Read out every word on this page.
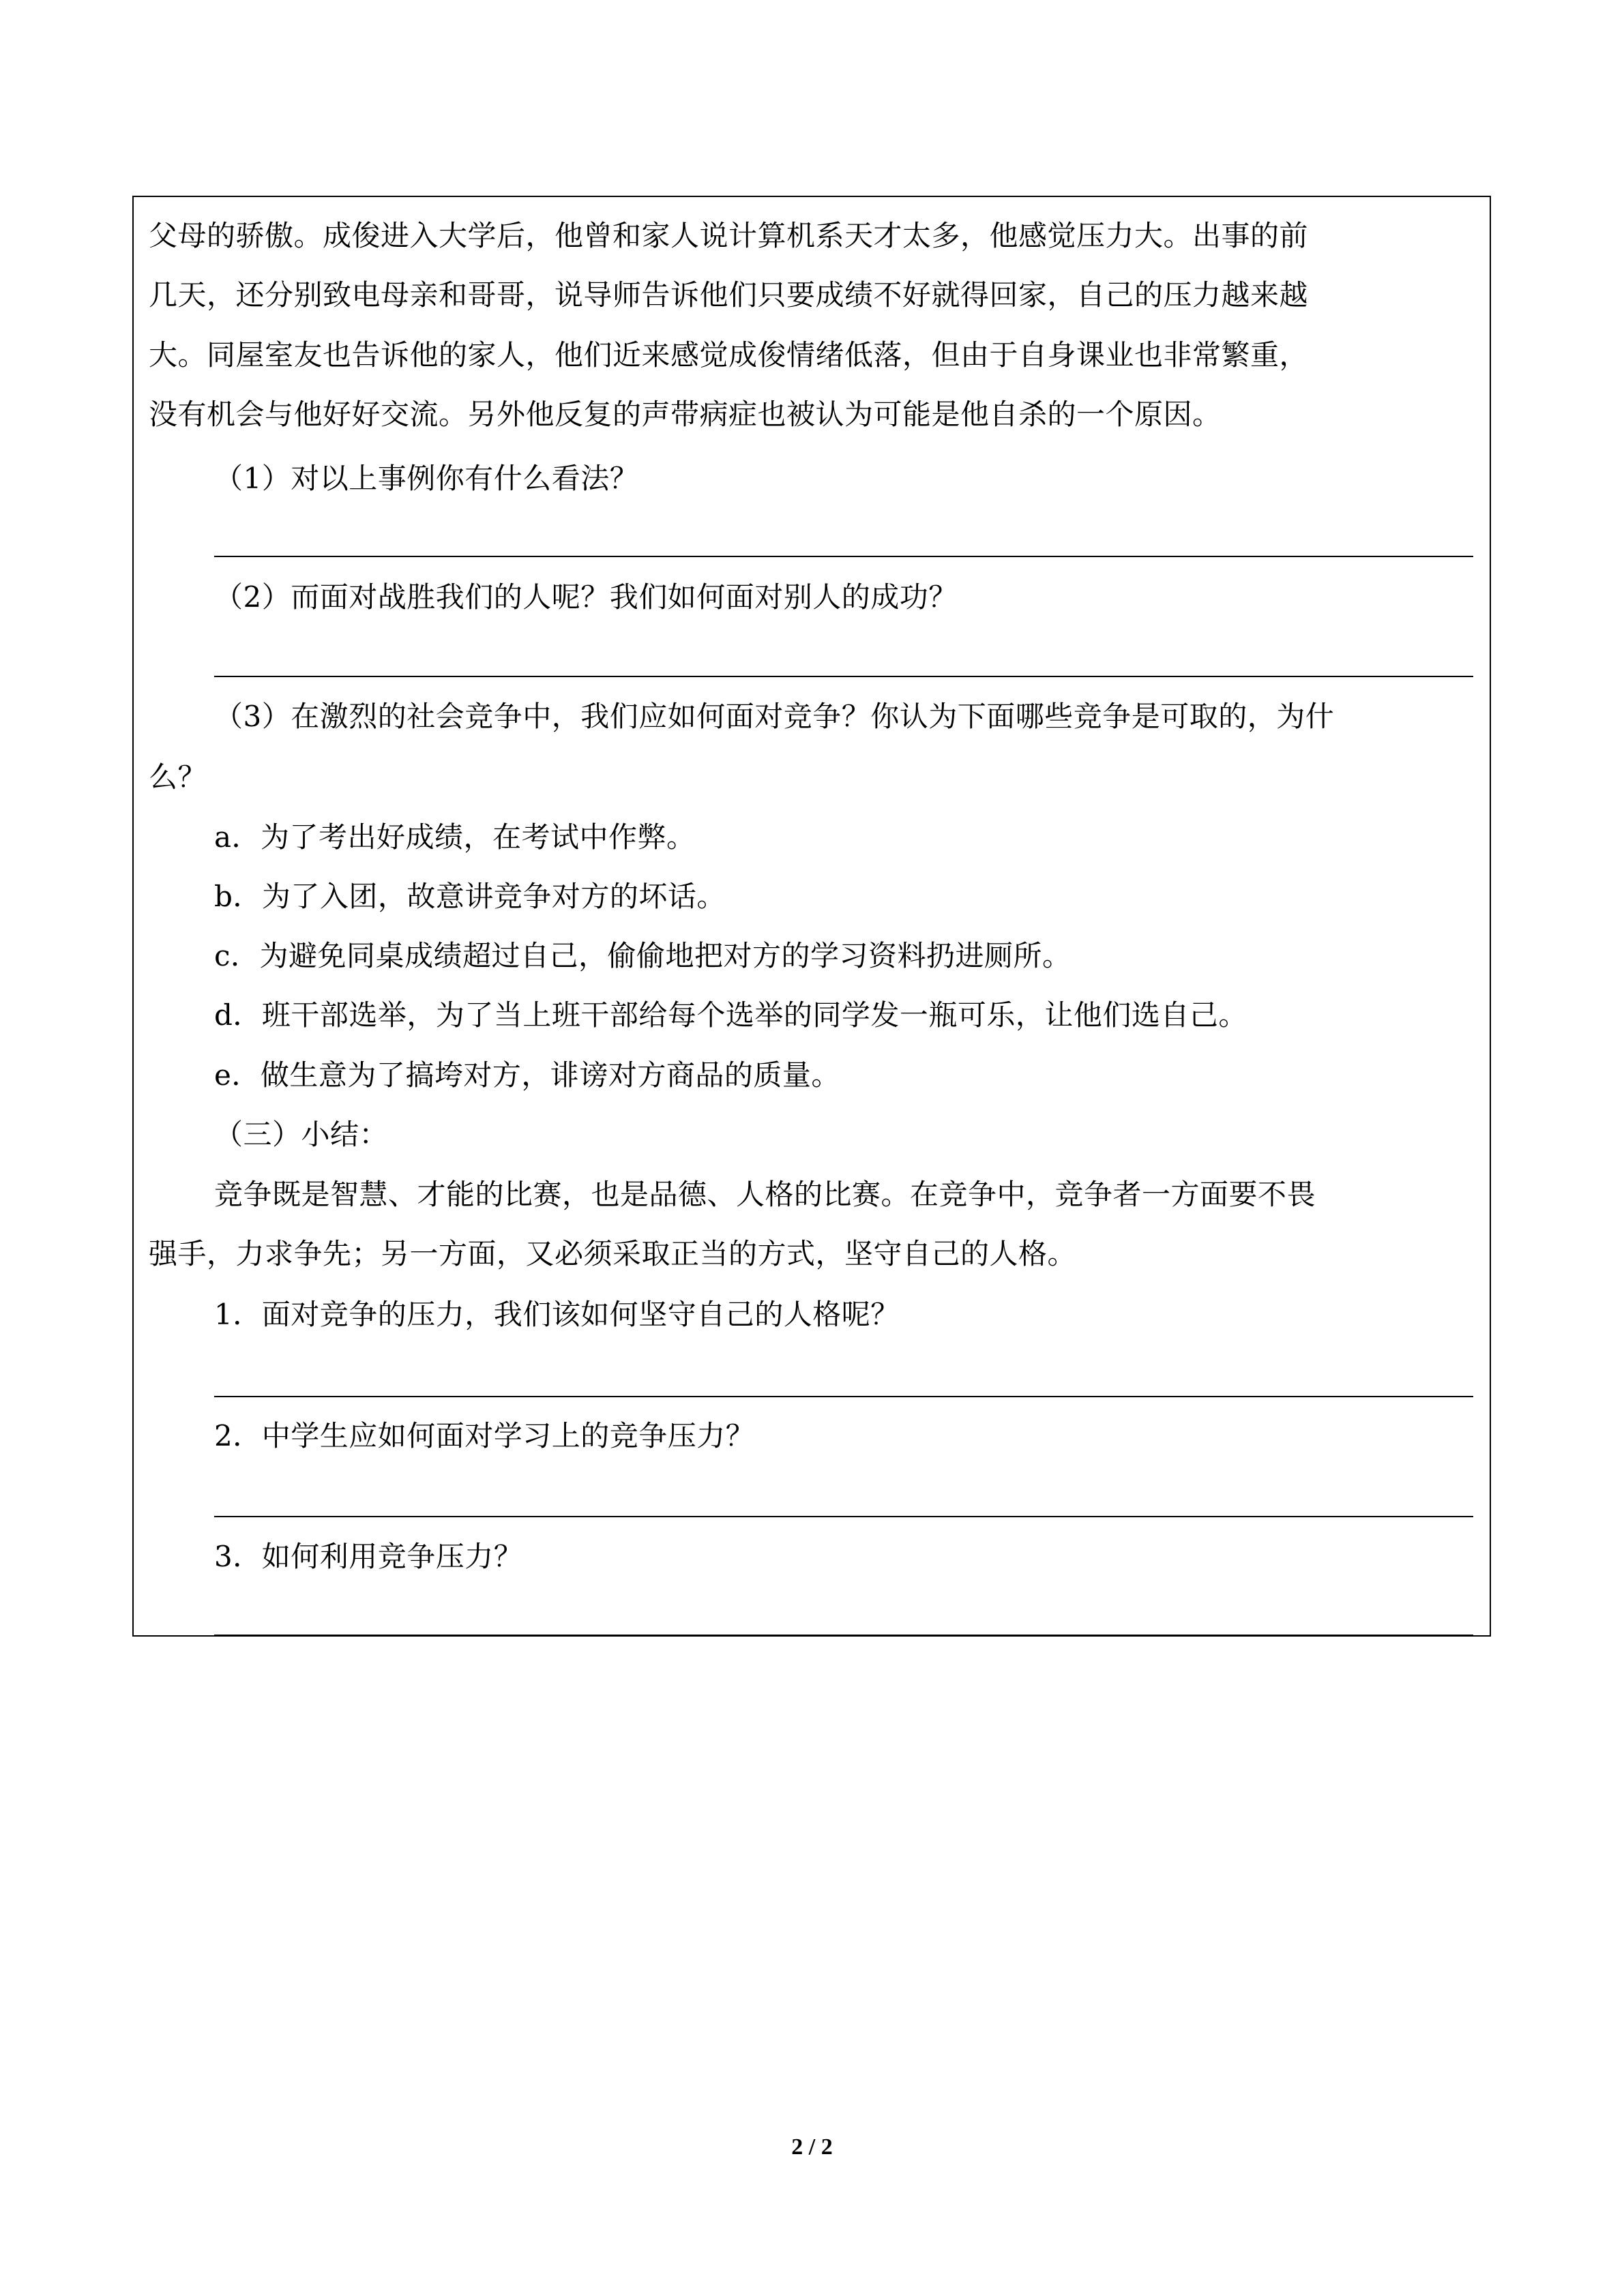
父母的骄傲。成俊进入大学后，他曾和家人说计算机系天才太多，他感觉压力大。出事的前
几天，还分别致电母亲和哥哥，说导师告诉他们只要成绩不好就得回家，自己的压力越来越
大。同屋室友也告诉他的家人，他们近来感觉成俊情绪低落，但由于自身课业也非常繁重，
没有机会与他好好交流。另外他反复的声带病症也被认为可能是他自杀的一个原因。
（1）对以上事例你有什么看法？
（2）而面对战胜我们的人呢？我们如何面对别人的成功？
（3）在激烈的社会竞争中，我们应如何面对竞争？你认为下面哪些竞争是可取的，为什
么？
a．为了考出好成绩，在考试中作弊。
b．为了入团，故意讲竞争对方的坏话。
c．为避免同桌成绩超过自己，偷偷地把对方的学习资料扔进厕所。
d．班干部选举，为了当上班干部给每个选举的同学发一瓶可乐，让他们选自己。
e．做生意为了搞垮对方，诽谤对方商品的质量。
（三）小结：
竞争既是智慧、才能的比赛，也是品德、人格的比赛。在竞争中，竞争者一方面要不畏
强手，力求争先；另一方面，又必须采取正当的方式，坚守自己的人格。
1．面对竞争的压力，我们该如何坚守自己的人格呢？
2．中学生应如何面对学习上的竞争压力？
3．如何利用竞争压力？
2 / 2
